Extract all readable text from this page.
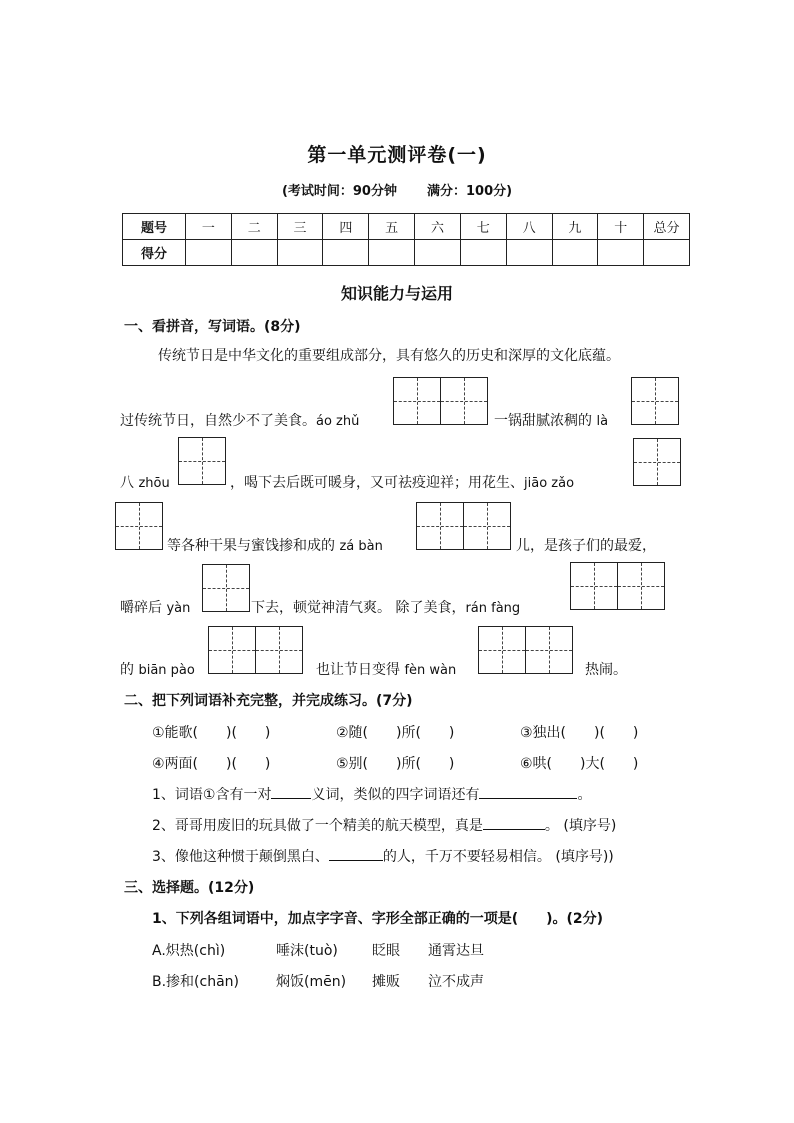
第一单元测评卷(一)
(考试时间：90分钟 满分：100分)
题号	一	二	三	四	五	六	七	八	九	十	总分
得分											
知识能力与运用
一、看拼音，写词语。(8分)
传统节日是中华文化的重要组成部分，具有悠久的历史和深厚的文化底蕴。
过传统节日，自然少不了美食。áo zhǔ	一锅甜腻浓稠的 là
八 zhōu	，喝下去后既可暖身，又可祛疫迎祥；用花生、jiāo zǎo
等各种干果与蜜饯掺和成的 zá bàn	儿，是孩子们的最爱，
嚼碎后 yàn	下去，顿觉神清气爽。 除了美食，rán fàng
的 biān pào	也让节日变得 fèn wàn	热闹。
二、把下列词语补充完整，并完成练习。(7分)
①能歌(　　)(　　)	②随(　　)所(　　)	③独出(　　)(　　)
④两面(　　)(　　)	⑤别(　　)所(　　)	⑥哄(　　)大(　　)
1、词语①含有一对	义词，类似的四字词语还有	。
2、哥哥用废旧的玩具做了一个精美的航天模型，真是	。 (填序号)
3、像他这种惯于颠倒黑白、	的人，千万不要轻易相信。 (填序号))
三、选择题。(12分)
1、下列各组词语中，加点字字音、字形全部正确的一项是(　　)。(2分)
A.炽热(chì)	唾沫(tuò) 眨眼 通霄达旦
B.掺和(chān)	焖饭(mēn) 摊贩 泣不成声
